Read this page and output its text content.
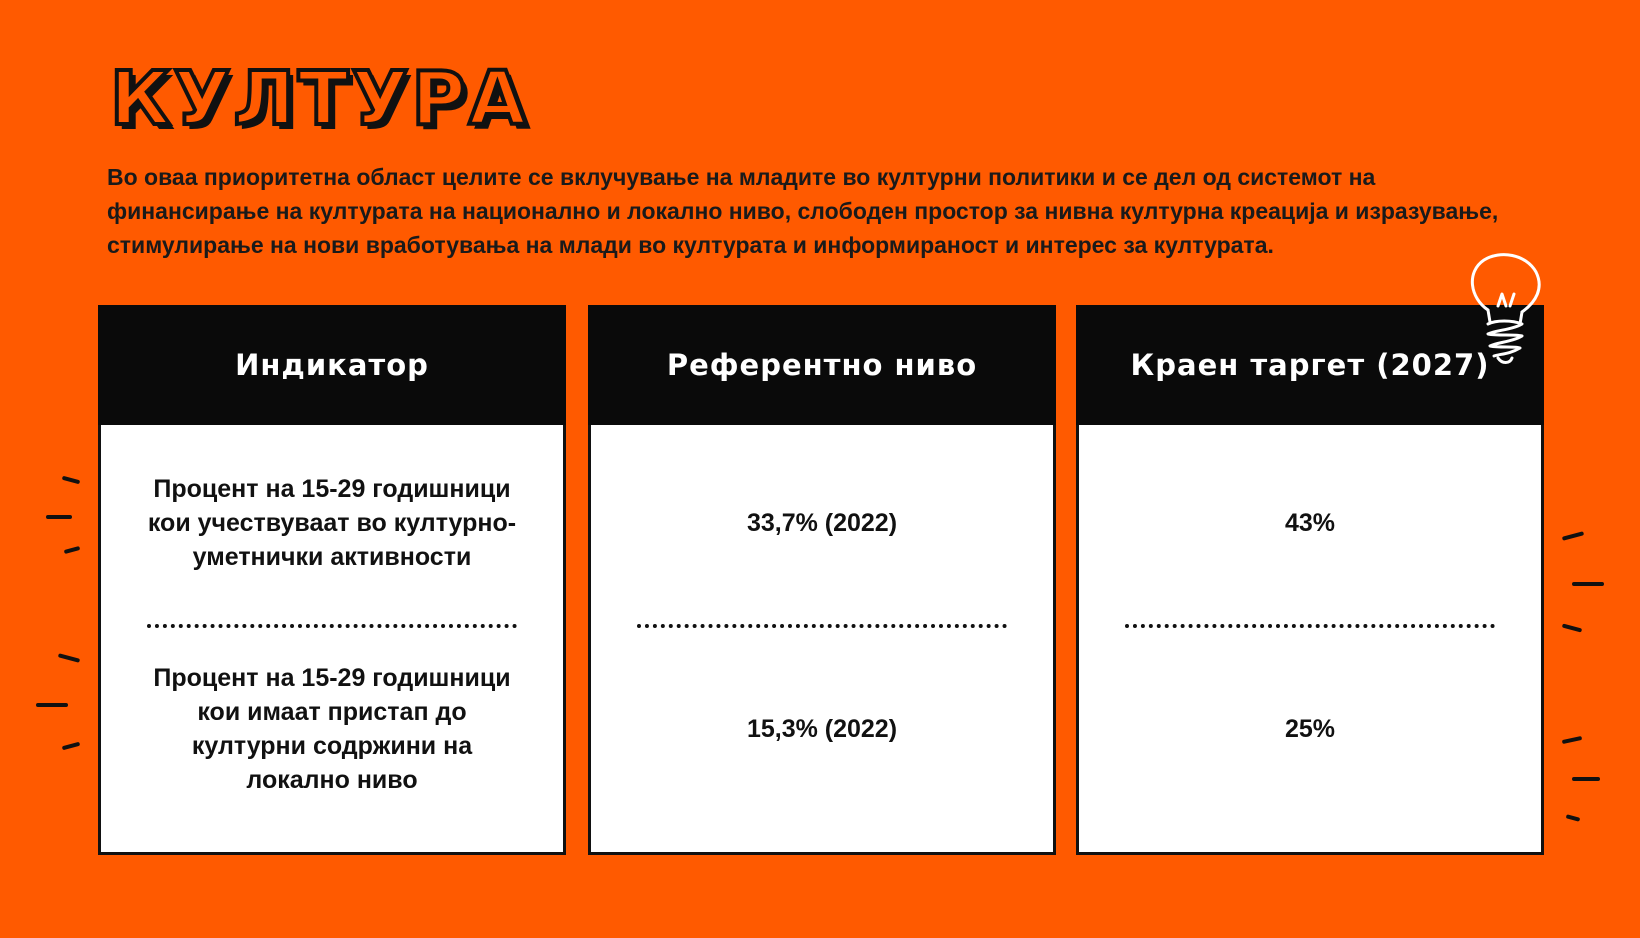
КУЛТУРА
Во оваа приоритетна област целите се вклучување на младите во културни политики и се дел од системот на финансирање на културата на национално и локално ниво, слободен простор за нивна културна креација и изразување, стимулирање на нови вработувања на млади во културата и информираност и интерес за културата.
Индикатор
Процент на 15-29 годишници кои учествуваат во културно-уметнички активности
Процент на 15-29 годишници кои имаат пристап до културни содржини на локално ниво
Референтно ниво
33,7% (2022)
15,3% (2022)
Краен таргет (2027)
43%
25%
